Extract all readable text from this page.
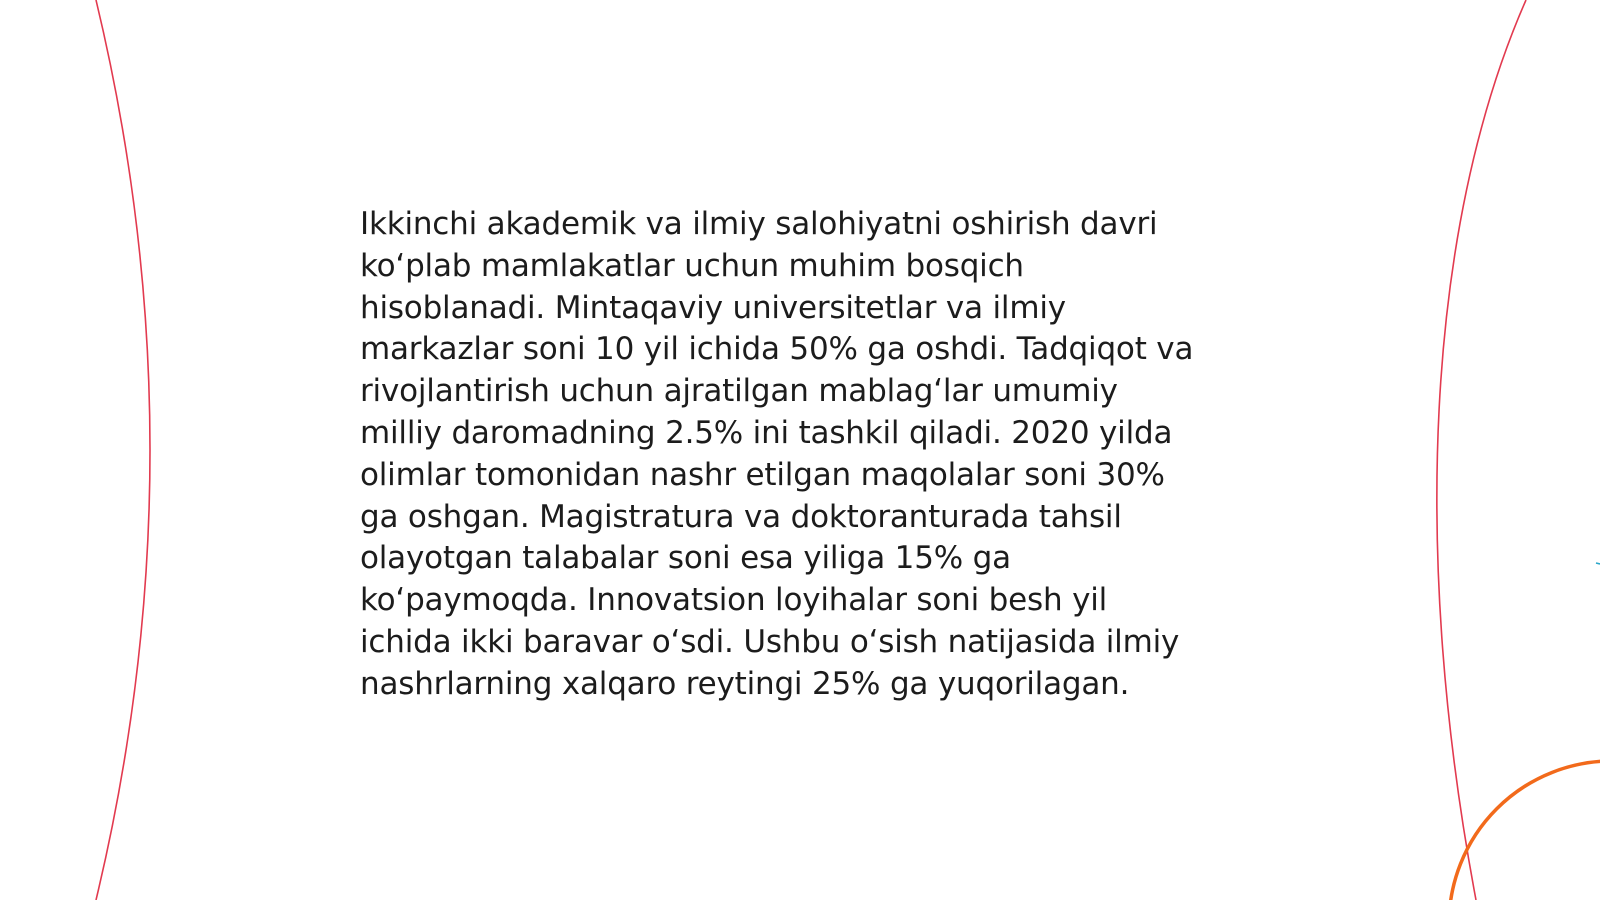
Ikkinchi akademik va ilmiy salohiyatni oshirish davri
koʻplab mamlakatlar uchun muhim bosqich
hisoblanadi. Mintaqaviy universitetlar va ilmiy
markazlar soni 10 yil ichida 50% ga oshdi. Tadqiqot va
rivojlantirish uchun ajratilgan mablagʻlar umumiy
milliy daromadning 2.5% ini tashkil qiladi. 2020 yilda
olimlar tomonidan nashr etilgan maqolalar soni 30%
ga oshgan. Magistratura va doktoranturada tahsil
olayotgan talabalar soni esa yiliga 15% ga
koʻpaymoqda. Innovatsion loyihalar soni besh yil
ichida ikki baravar oʻsdi. Ushbu oʻsish natijasida ilmiy
nashrlarning xalqaro reytingi 25% ga yuqorilagan.
